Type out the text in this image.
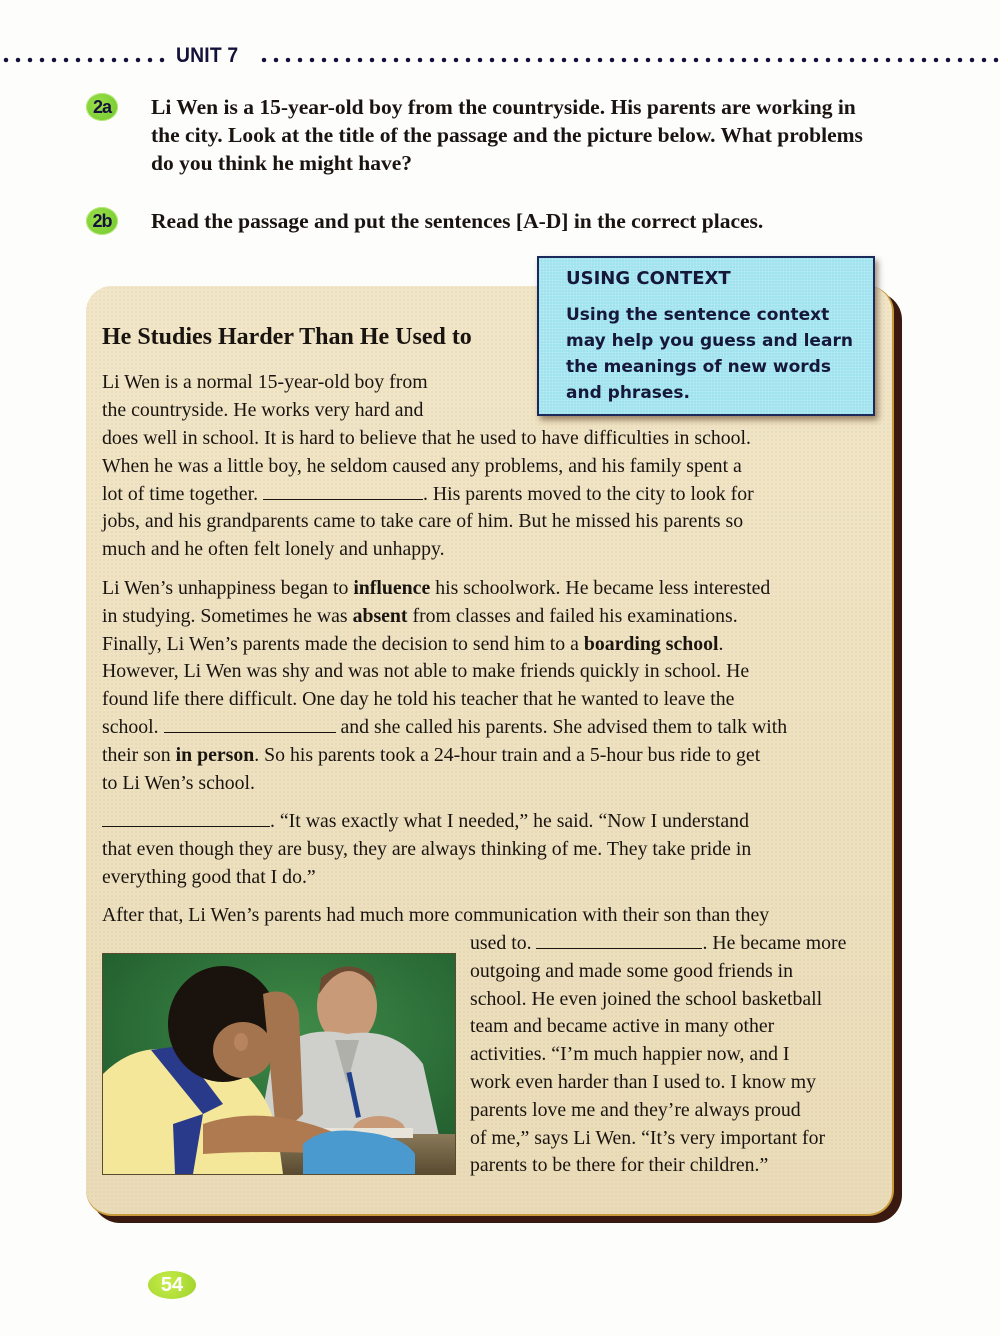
UNIT 7
2a	Li Wen is a 15-year-old boy from the countryside. His parents are working in the city. Look at the title of the passage and the picture below. What problems do you think he might have?
2b	Read the passage and put the sentences [A-D] in the correct places.
He Studies Harder Than He Used to
Li Wen is a normal 15-year-old boy from
the countryside. He works very hard and
does well in school. It is hard to believe that he used to have difficulties in school.
When he was a little boy, he seldom caused any problems, and his family spent a
lot of time together.	. His parents moved to the city to look for
jobs, and his grandparents came to take care of him. But he missed his parents so
much and he often felt lonely and unhappy.
Li Wen’s unhappiness began to influence his schoolwork. He became less interested
in studying. Sometimes he was absent from classes and failed his examinations.
Finally, Li Wen’s parents made the decision to send him to a boarding school.
However, Li Wen was shy and was not able to make friends quickly in school. He
found life there difficult. One day he told his teacher that he wanted to leave the
school.	and she called his parents. She advised them to talk with
their son in person. So his parents took a 24-hour train and a 5-hour bus ride to get
to Li Wen’s school.
. “It was exactly what I needed,” he said. “Now I understand
that even though they are busy, they are always thinking of me. They take pride in
everything good that I do.”
After that, Li Wen’s parents had much more communication with their son than they
used to.	. He became more
outgoing and made some good friends in
school. He even joined the school basketball
team and became active in many other
activities. “I’m much happier now, and I
work even harder than I used to. I know my
parents love me and they’re always proud
of me,” says Li Wen. “It’s very important for
parents to be there for their children.”
USING CONTEXT
Using the sentence context may help you guess and learn the meanings of new words and phrases.
54
